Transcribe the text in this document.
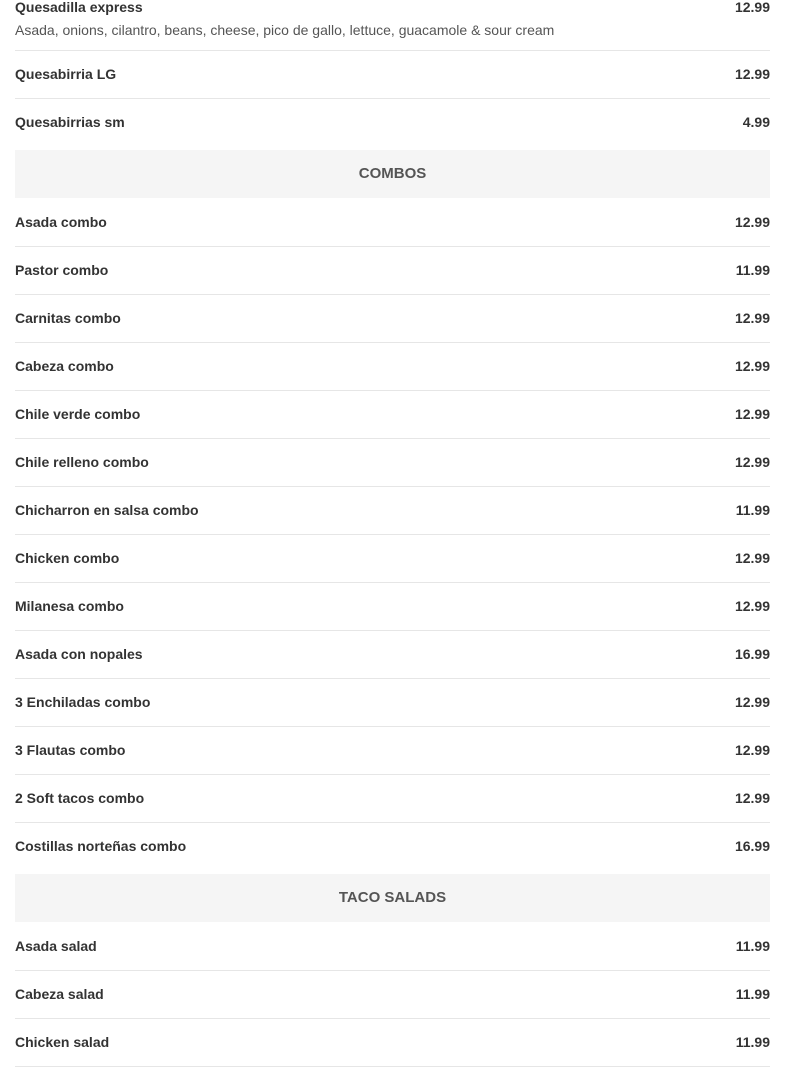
Quesadilla express	12.99
Asada, onions, cilantro, beans, cheese, pico de gallo, lettuce, guacamole & sour cream
Quesabirria LG	12.99
Quesabirrias sm	4.99
COMBOS
Asada combo	12.99
Pastor combo	11.99
Carnitas combo	12.99
Cabeza combo	12.99
Chile verde combo	12.99
Chile relleno combo	12.99
Chicharron en salsa combo	11.99
Chicken combo	12.99
Milanesa combo	12.99
Asada con nopales	16.99
3 Enchiladas combo	12.99
3 Flautas combo	12.99
2 Soft tacos combo	12.99
Costillas norteñas combo	16.99
TACO SALADS
Asada salad	11.99
Cabeza salad	11.99
Chicken salad	11.99
